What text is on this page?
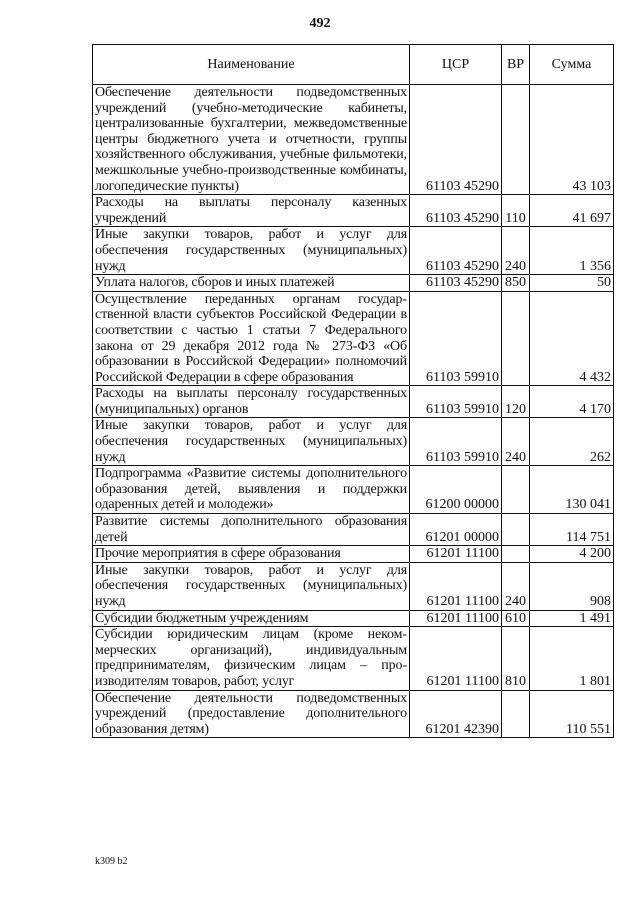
492
Наименование	ЦСР	ВР	Сумма
Обеспечение деятельности подведомственных учреждений (учебно-методические кабинеты, централизованные бухгалтерии, межведомственные центры бюджетного учета и отчетности, группы хозяйственного обслуживания, учебные фильмотеки, межшкольные учебно-производственные комбинаты, логопедические пункты)	61103 45290		43 103
Расходы на выплаты персоналу казенных учреждений	61103 45290	110	41 697
Иные закупки товаров, работ и услуг для обеспечения государственных (муниципальных) нужд	61103 45290	240	1 356
Уплата налогов, сборов и иных платежей	61103 45290	850	50
Осуществление переданных органам государственной власти субъектов Российской Федерации в соответствии с частью 1 статьи 7 Федерального закона от 29 декабря 2012 года № 273-ФЗ «Об образовании в Российской Федерации» полномочий Российской Федерации в сфере образования	61103 59910		4 432
Расходы на выплаты персоналу государственных (муниципальных) органов	61103 59910	120	4 170
Иные закупки товаров, работ и услуг для обеспечения государственных (муниципальных) нужд	61103 59910	240	262
Подпрограмма «Развитие системы дополнительного образования детей, выявления и поддержки одаренных детей и молодежи»	61200 00000		130 041
Развитие системы дополнительного образования детей	61201 00000		114 751
Прочие мероприятия в сфере образования	61201 11100		4 200
Иные закупки товаров, работ и услуг для обеспечения государственных (муниципальных) нужд	61201 11100	240	908
Субсидии бюджетным учреждениям	61201 11100	610	1 491
Субсидии юридическим лицам (кроме некоммерческих организаций), индивидуальным предпринимателям, физическим лицам – производителям товаров, работ, услуг	61201 11100	810	1 801
Обеспечение деятельности подведомственных учреждений (предоставление дополнительного образования детям)	61201 42390		110 551
k309 b2
